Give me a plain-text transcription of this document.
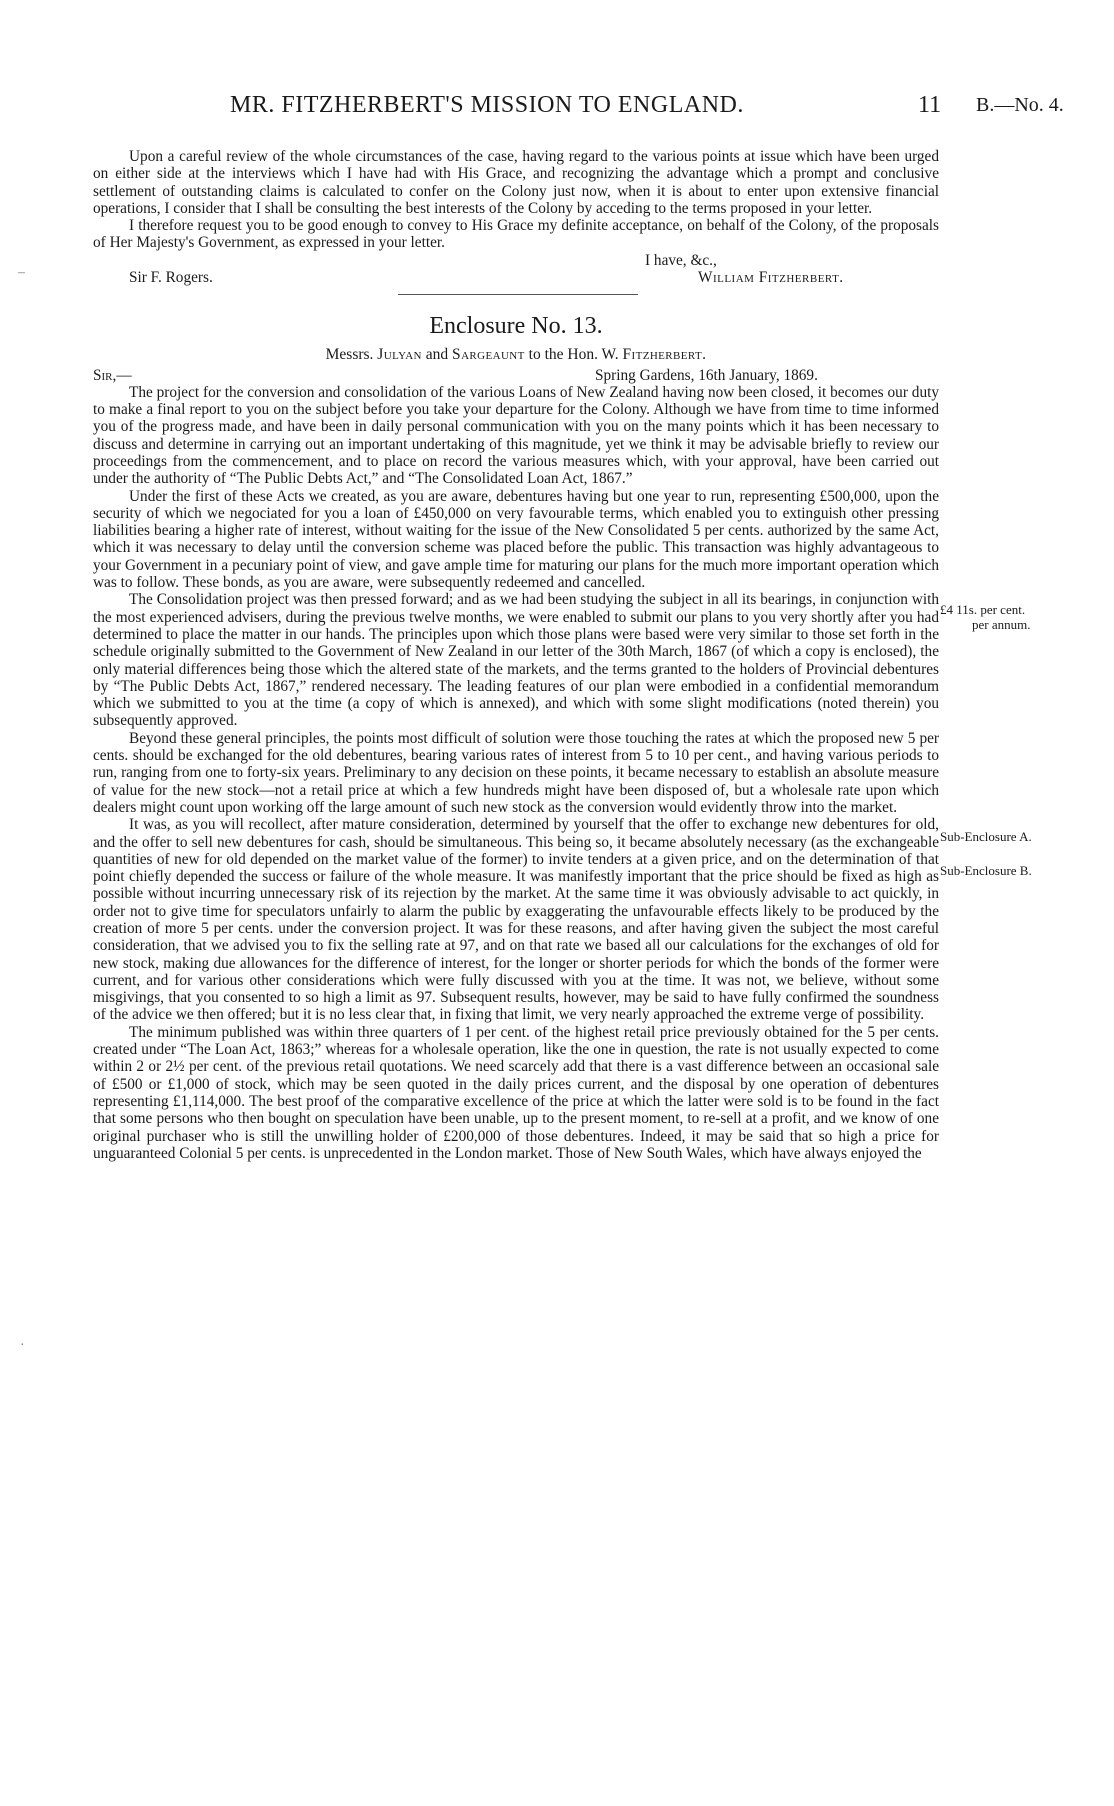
MR. FITZHERBERT'S MISSION TO ENGLAND.	11 B.—No. 4.
–
·

Upon a careful review of the whole circumstances of the case, having regard to the various points at issue which have been urged on either side at the interviews which I have had with His Grace, and recognizing the advantage which a prompt and conclusive settlement of outstanding claims is calculated to confer on the Colony just now, when it is about to enter upon extensive financial operations, I consider that I shall be consulting the best interests of the Colony by acceding to the terms proposed in your letter.

I therefore request you to be good enough to convey to His Grace my definite acceptance, on behalf of the Colony, of the proposals of Her Majesty's Government, as expressed in your letter.

I have, &c.,
Sir F. Rogers.	William Fitzherbert.
Enclosure No. 13.
Messrs. Julyan and Sargeaunt to the Hon. W. Fitzherbert.
Sir,—	Spring Gardens, 16th January, 1869.

The project for the conversion and consolidation of the various Loans of New Zealand having now been closed, it becomes our duty to make a final report to you on the subject before you take your departure for the Colony. Although we have from time to time informed you of the progress made, and have been in daily personal communication with you on the many points which it has been necessary to discuss and determine in carrying out an important undertaking of this magnitude, yet we think it may be advisable briefly to review our proceedings from the commencement, and to place on record the various measures which, with your approval, have been carried out under the authority of “The Public Debts Act,” and “The Consolidated Loan Act, 1867.”

Under the first of these Acts we created, as you are aware, debentures having but one year to run, representing £500,000, upon the security of which we negociated for you a loan of £450,000 on very favourable terms, which enabled you to extinguish other pressing liabilities bearing a higher rate of interest, without waiting for the issue of the New Consolidated 5 per cents. authorized by the same Act, which it was necessary to delay until the conversion scheme was placed before the public. This transaction was highly advantageous to your Government in a pecuniary point of view, and gave ample time for maturing our plans for the much more important operation which was to follow. These bonds, as you are aware, were subsequently redeemed and cancelled.

The Consolidation project was then pressed forward; and as we had been studying the subject in all its bearings, in conjunction with the most experienced advisers, during the previous twelve months, we were enabled to submit our plans to you very shortly after you had determined to place the matter in our hands. The principles upon which those plans were based were very similar to those set forth in the schedule originally submitted to the Government of New Zealand in our letter of the 30th March, 1867 (of which a copy is enclosed), the only material differences being those which the altered state of the markets, and the terms granted to the holders of Provincial debentures by “The Public Debts Act, 1867,” rendered necessary. The leading features of our plan were embodied in a confidential memorandum which we submitted to you at the time (a copy of which is annexed), and which with some slight modifications (noted therein) you subsequently approved.

Beyond these general principles, the points most difficult of solution were those touching the rates at which the proposed new 5 per cents. should be exchanged for the old debentures, bearing various rates of interest from 5 to 10 per cent., and having various periods to run, ranging from one to forty-six years. Preliminary to any decision on these points, it became necessary to establish an absolute measure of value for the new stock—not a retail price at which a few hundreds might have been disposed of, but a wholesale rate upon which dealers might count upon working off the large amount of such new stock as the conversion would evidently throw into the market.

It was, as you will recollect, after mature consideration, determined by yourself that the offer to exchange new debentures for old, and the offer to sell new debentures for cash, should be simultaneous. This being so, it became absolutely necessary (as the exchangeable quantities of new for old depended on the market value of the former) to invite tenders at a given price, and on the determination of that point chiefly depended the success or failure of the whole measure. It was manifestly important that the price should be fixed as high as possible without incurring unnecessary risk of its rejection by the market. At the same time it was obviously advisable to act quickly, in order not to give time for speculators unfairly to alarm the public by exaggerating the unfavourable effects likely to be produced by the creation of more 5 per cents. under the conversion project. It was for these reasons, and after having given the subject the most careful consideration, that we advised you to fix the selling rate at 97, and on that rate we based all our calculations for the exchanges of old for new stock, making due allowances for the difference of interest, for the longer or shorter periods for which the bonds of the former were current, and for various other considerations which were fully discussed with you at the time. It was not, we believe, without some misgivings, that you consented to so high a limit as 97. Subsequent results, however, may be said to have fully confirmed the soundness of the advice we then offered; but it is no less clear that, in fixing that limit, we very nearly approached the extreme verge of possibility.

The minimum published was within three quarters of 1 per cent. of the highest retail price previously obtained for the 5 per cents. created under “The Loan Act, 1863;” whereas for a wholesale operation, like the one in question, the rate is not usually expected to come within 2 or 2½ per cent. of the previous retail quotations. We need scarcely add that there is a vast difference between an occasional sale of £500 or £1,000 of stock, which may be seen quoted in the daily prices current, and the disposal by one operation of debentures representing £1,114,000. The best proof of the comparative excellence of the price at which the latter were sold is to be found in the fact that some persons who then bought on speculation have been unable, up to the present moment, to re-sell at a profit, and we know of one original purchaser who is still the unwilling holder of £200,000 of those debentures. Indeed, it may be said that so high a price for unguaranteed Colonial 5 per cents. is unprecedented in the London market. Those of New South Wales, which have always enjoyed the

£4 11s. per cent.
per annum.
Sub-Enclosure A.
Sub-Enclosure B.
